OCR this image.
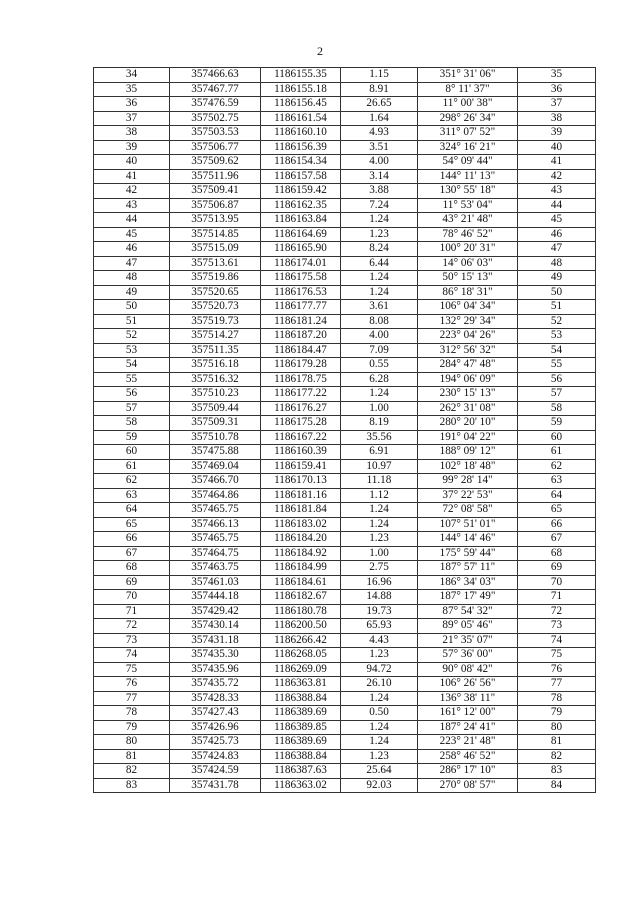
2
34	357466.63	1186155.35	1.15	351° 31' 06"	35
35	357467.77	1186155.18	8.91	8° 11' 37"	36
36	357476.59	1186156.45	26.65	11° 00' 38"	37
37	357502.75	1186161.54	1.64	298° 26' 34"	38
38	357503.53	1186160.10	4.93	311° 07' 52"	39
39	357506.77	1186156.39	3.51	324° 16' 21"	40
40	357509.62	1186154.34	4.00	54° 09' 44"	41
41	357511.96	1186157.58	3.14	144° 11' 13"	42
42	357509.41	1186159.42	3.88	130° 55' 18"	43
43	357506.87	1186162.35	7.24	11° 53' 04"	44
44	357513.95	1186163.84	1.24	43° 21' 48"	45
45	357514.85	1186164.69	1.23	78° 46' 52"	46
46	357515.09	1186165.90	8.24	100° 20' 31"	47
47	357513.61	1186174.01	6.44	14° 06' 03"	48
48	357519.86	1186175.58	1.24	50° 15' 13"	49
49	357520.65	1186176.53	1.24	86° 18' 31"	50
50	357520.73	1186177.77	3.61	106° 04' 34"	51
51	357519.73	1186181.24	8.08	132° 29' 34"	52
52	357514.27	1186187.20	4.00	223° 04' 26"	53
53	357511.35	1186184.47	7.09	312° 56' 32"	54
54	357516.18	1186179.28	0.55	284° 47' 48"	55
55	357516.32	1186178.75	6.28	194° 06' 09"	56
56	357510.23	1186177.22	1.24	230° 15' 13"	57
57	357509.44	1186176.27	1.00	262° 31' 08"	58
58	357509.31	1186175.28	8.19	280° 20' 10"	59
59	357510.78	1186167.22	35.56	191° 04' 22"	60
60	357475.88	1186160.39	6.91	188° 09' 12"	61
61	357469.04	1186159.41	10.97	102° 18' 48"	62
62	357466.70	1186170.13	11.18	99° 28' 14"	63
63	357464.86	1186181.16	1.12	37° 22' 53"	64
64	357465.75	1186181.84	1.24	72° 08' 58"	65
65	357466.13	1186183.02	1.24	107° 51' 01"	66
66	357465.75	1186184.20	1.23	144° 14' 46"	67
67	357464.75	1186184.92	1.00	175° 59' 44"	68
68	357463.75	1186184.99	2.75	187° 57' 11"	69
69	357461.03	1186184.61	16.96	186° 34' 03"	70
70	357444.18	1186182.67	14.88	187° 17' 49"	71
71	357429.42	1186180.78	19.73	87° 54' 32"	72
72	357430.14	1186200.50	65.93	89° 05' 46"	73
73	357431.18	1186266.42	4.43	21° 35' 07"	74
74	357435.30	1186268.05	1.23	57° 36' 00"	75
75	357435.96	1186269.09	94.72	90° 08' 42"	76
76	357435.72	1186363.81	26.10	106° 26' 56"	77
77	357428.33	1186388.84	1.24	136° 38' 11"	78
78	357427.43	1186389.69	0.50	161° 12' 00"	79
79	357426.96	1186389.85	1.24	187° 24' 41"	80
80	357425.73	1186389.69	1.24	223° 21' 48"	81
81	357424.83	1186388.84	1.23	258° 46' 52"	82
82	357424.59	1186387.63	25.64	286° 17' 10"	83
83	357431.78	1186363.02	92.03	270° 08' 57"	84
